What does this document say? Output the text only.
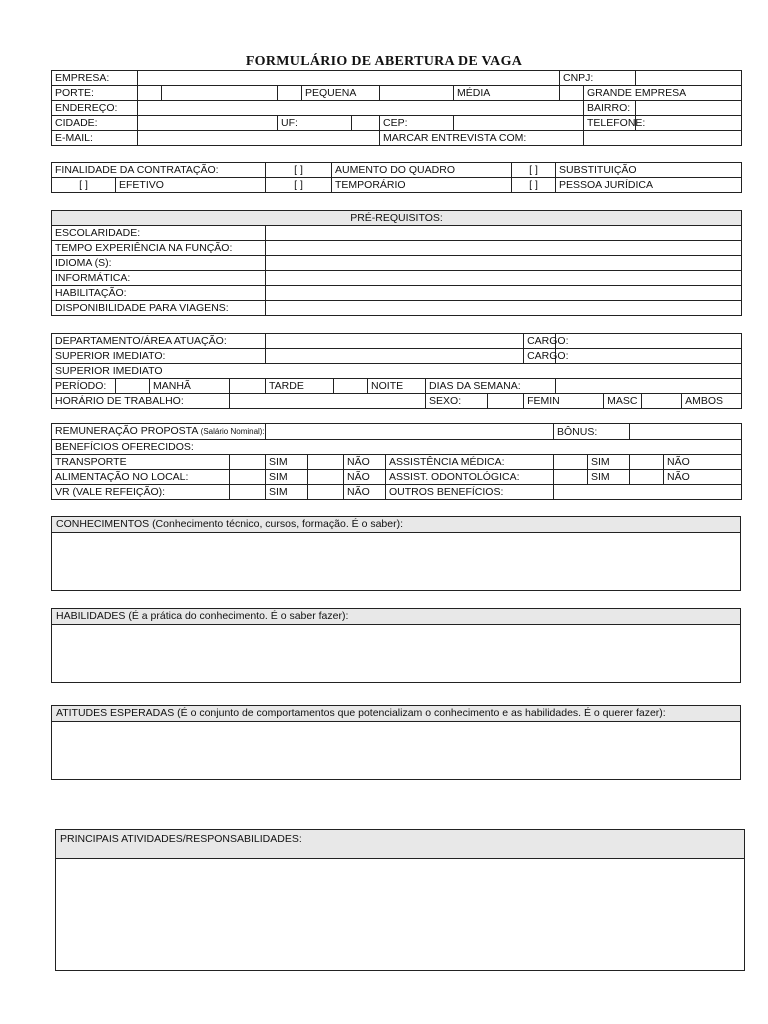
FORMULÁRIO DE ABERTURA DE VAGA
EMPRESA:								CNPJ:		
PORTE:				PEQUENA			MÉDIA		GRANDE EMPRESA	
ENDEREÇO:									BAIRRO:	
CIDADE:			UF:			CEP:			TELEFONE:	
E-MAIL:						MARCAR ENTREVISTA COM:				
FINALIDADE DA CONTRATAÇÃO:		[ ]	AUMENTO DO QUADRO	[ ]	SUBSTITUIÇÃO
[ ]	EFETIVO	[ ]	TEMPORÁRIO	[ ]	PESSOA JURÍDICA
PRÉ-REQUISITOS:	
ESCOLARIDADE:	
TEMPO EXPERIÊNCIA NA FUNÇÃO:	
IDIOMA (S):	
INFORMÁTICA:	
HABILITAÇÃO:	
DISPONIBILIDADE PARA VIAGENS:	
DEPARTAMENTO/ÁREA ATUAÇÃO:									CARGO:				
SUPERIOR IMEDIATO:									CARGO:				
SUPERIOR IMEDIATO													
PERÍODO:		MANHÃ		TARDE		NOITE	DIAS DA SEMANA:						
HORÁRIO DE TRABALHO:							SEXO:		FEMIN		MASC		AMBOS
REMUNERAÇÃO PROPOSTA (Salário Nominal):						BÔNUS:			
BENEFÍCIOS OFERECIDOS:									
TRANSPORTE		SIM		NÃO	ASSISTÊNCIA MÉDICA:		SIM		NÃO
ALIMENTAÇÃO NO LOCAL:		SIM		NÃO	ASSIST. ODONTOLÓGICA:		SIM		NÃO
VR (VALE REFEIÇÃO):		SIM		NÃO	OUTROS BENEFÍCIOS:				
CONHECIMENTOS (Conhecimento técnico, cursos, formação. É o saber):
HABILIDADES (É a prática do conhecimento. É o saber fazer):
ATITUDES ESPERADAS (É o conjunto de comportamentos que potencializam o conhecimento e as habilidades. É o querer fazer):
PRINCIPAIS ATIVIDADES/RESPONSABILIDADES:
